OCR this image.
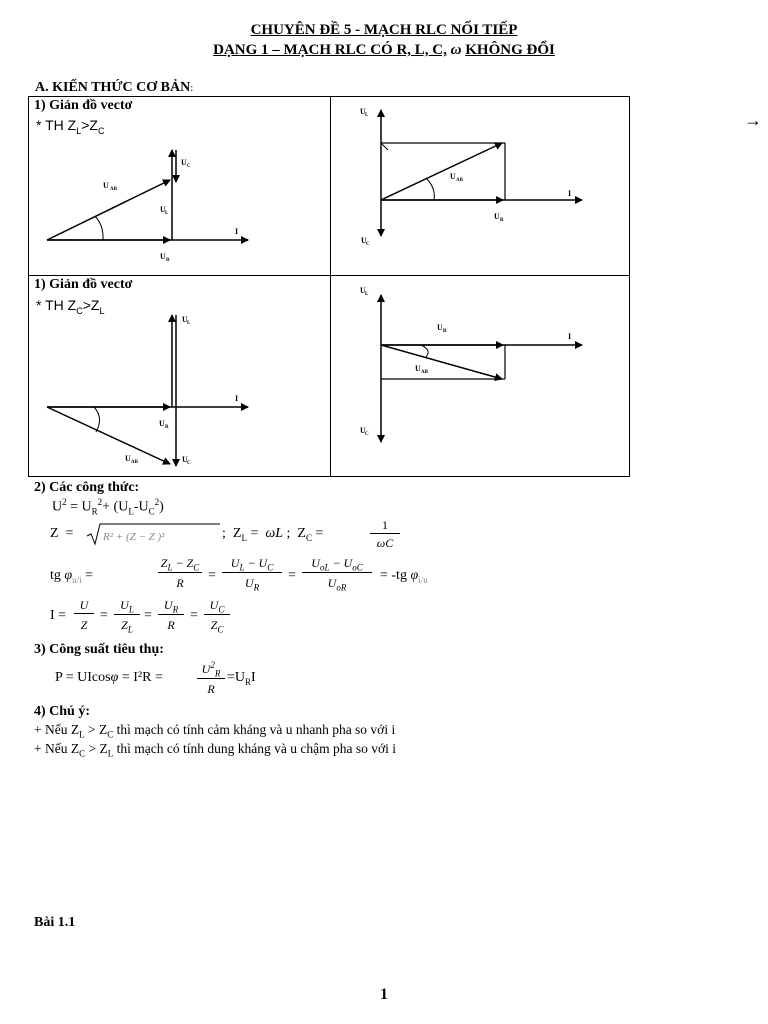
CHUYÊN ĐỀ 5 - MẠCH RLC NỐI TIẾP
DẠNG 1 – MẠCH RLC CÓ R, L, C, ω KHÔNG ĐỔI
A. KIẾN THỨC CƠ BẢN:
→
U AB
U C
U L
U R
I
U L
U AB
I
U R
U C
U L
I
U R
U AB	U C
U L
U R
I
U AB
U C
1) Giản đồ vectơ
* TH $Z_L>Z_C$
1) Giản đồ vectơ
* TH $Z_C>Z_L$
2) Các công thức:
$U^2 = U_R^2+ (U_L-U_C^2)$
Z  =	R² + (Z − Z )²	;  $Z_L = \omega L$ ;  $Z_C$ =
1
ωC
tg $\varphi_{u/i}$ =
$Z_L - Z_C$
R	=
$U_L - U_C$
$U_R$
=
$U_{oL} - U_{oC}$
$U_{oR}$
= -tg $\varphi_{i/u}$
I =
U
Z
=
$U_L$
$Z_L$
=
$U_R$
R
=
$U_C$
$Z_C$
3) Công suất tiêu thụ:
P = UIcosφ = I²R =
$U^2_R$
R
$=U_RI$
4) Chú ý:
+ Nếu $Z_L > Z_C$ thì mạch có tính cảm kháng và u nhanh pha so với i
+ Nếu $Z_C > Z_L$ thì mạch có tính dung kháng và u chậm pha so với i
Bài 1.1
1
